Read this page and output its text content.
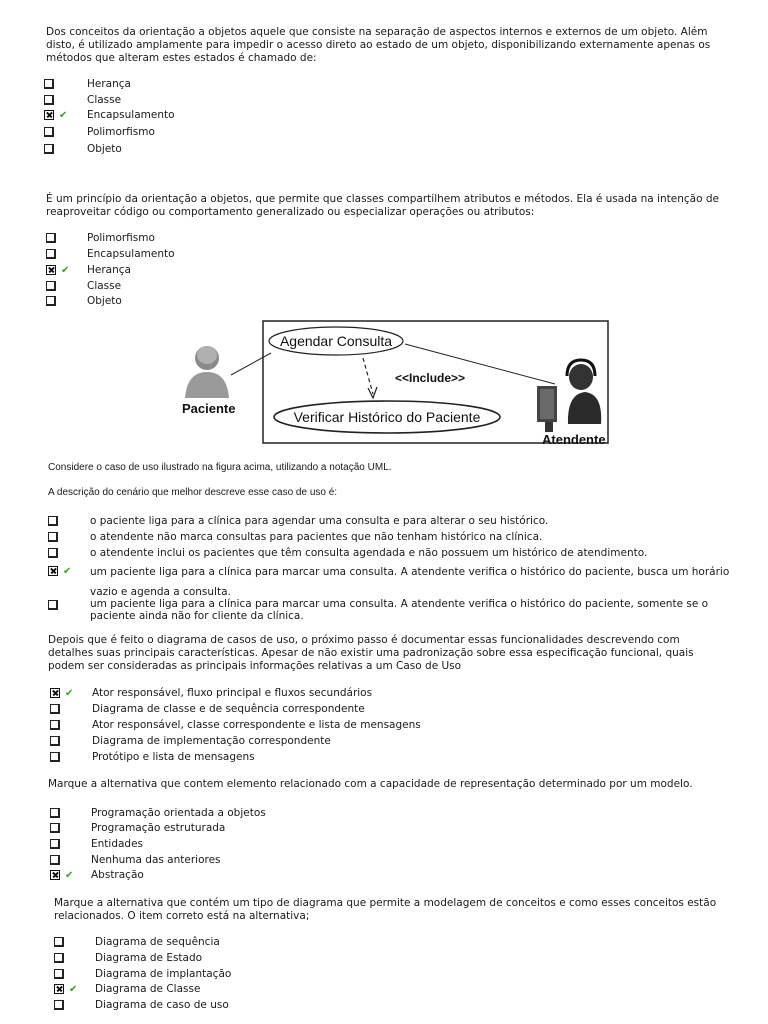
Dos conceitos da orientação a objetos aquele que consiste na separação de aspectos internos e externos de um objeto. Além disto, é utilizado amplamente para impedir o acesso direto ao estado de um objeto, disponibilizando externamente apenas os métodos que alteram estes estados é chamado de:

Herança
Classe
✔ Encapsulamento
Polimorfismo
Objeto

É um princípio da orientação a objetos, que permite que classes compartilhem atributos e métodos. Ela é usada na intenção de reaproveitar código ou comportamento generalizado ou especializar operações ou atributos:

Polimorfismo
Encapsulamento
✔ Herança
Classe
Objeto
Paciente
Atendente
Agendar Consulta
Verificar Histórico do Paciente
<<Include>>
Considere o caso de uso ilustrado na figura acima, utilizando a notação UML.
A descrição do cenário que melhor descreve esse caso de uso é:
o paciente liga para a clínica para agendar uma consulta e para alterar o seu histórico.
o atendente não marca consultas para pacientes que não tenham histórico na clínica.
o atendente inclui os pacientes que têm consulta agendada e não possuem um histórico de atendimento.
✔ um paciente liga para a clínica para marcar uma consulta. A atendente verifica o histórico do paciente, busca um horário vazio e agenda a consulta.
um paciente liga para a clínica para marcar uma consulta. A atendente verifica o histórico do paciente, somente se o paciente ainda não for cliente da clínica.

Depois que é feito o diagrama de casos de uso, o próximo passo é documentar essas funcionalidades descrevendo com detalhes suas principais características. Apesar de não existir uma padronização sobre essa especificação funcional, quais podem ser consideradas as principais informações relativas a um Caso de Uso

✔ Ator responsável, fluxo principal e fluxos secundários
Diagrama de classe e de sequência correspondente
Ator responsável, classe correspondente e lista de mensagens
Diagrama de implementação correspondente
Protótipo e lista de mensagens

Marque a alternativa que contem elemento relacionado com a capacidade de representação determinado por um modelo.

Programação orientada a objetos
Programação estruturada
Entidades
Nenhuma das anteriores
✔ Abstração

Marque a alternativa que contém um tipo de diagrama que permite a modelagem de conceitos e como esses conceitos estão relacionados. O item correto está na alternativa;

Diagrama de sequência
Diagrama de Estado
Diagrama de implantação
✔ Diagrama de Classe
Diagrama de caso de uso
